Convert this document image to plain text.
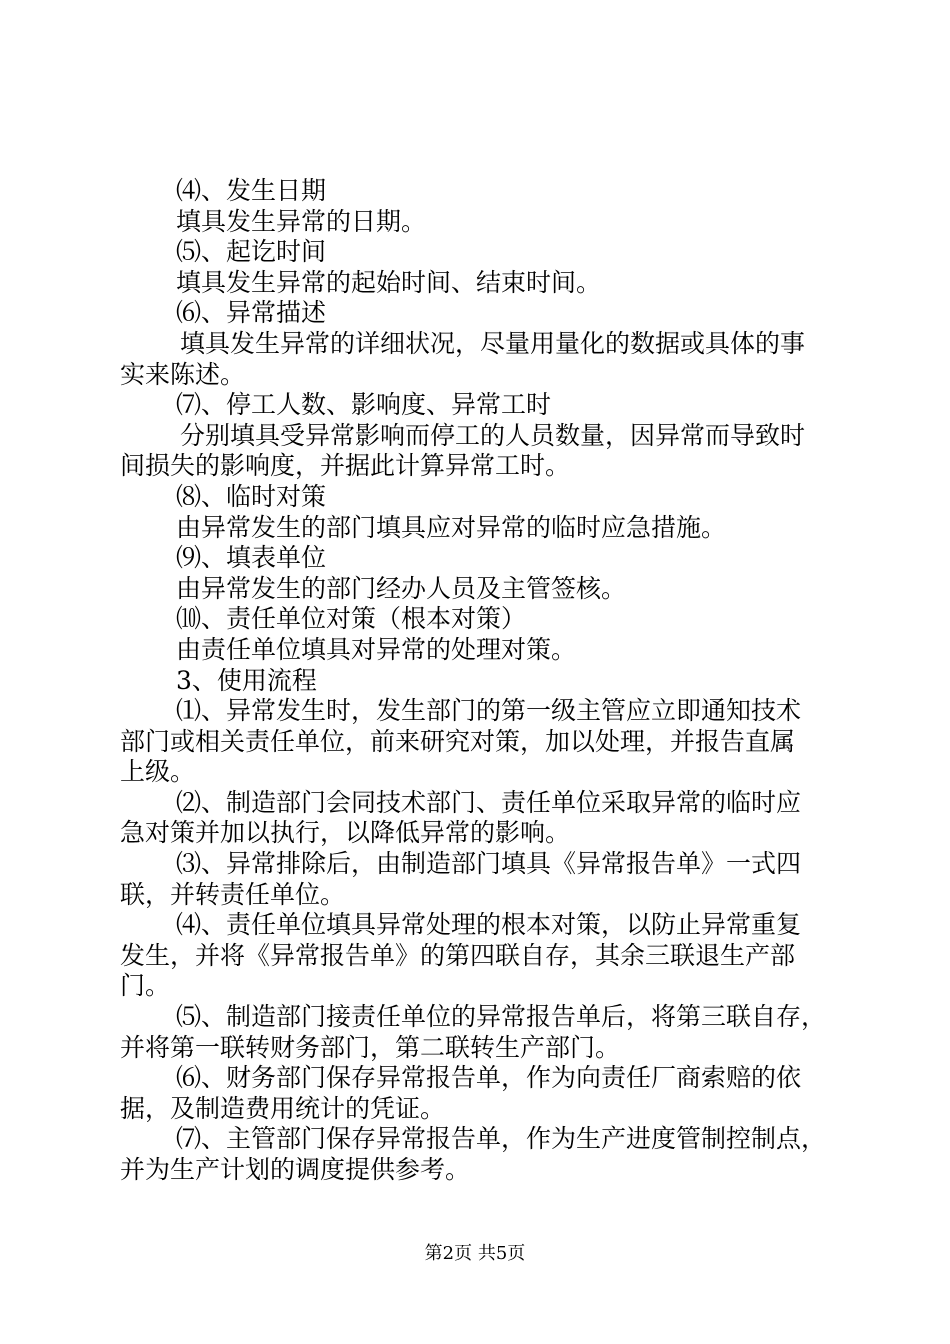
⑷、发生日期
填具发生异常的日期。
⑸、起讫时间
填具发生异常的起始时间、结束时间。
⑹、异常描述
填具发生异常的详细状况，尽量用量化的数据或具体的事
实来陈述。
⑺、停工人数、影响度、异常工时
分别填具受异常影响而停工的人员数量，因异常而导致时
间损失的影响度，并据此计算异常工时。
⑻、临时对策
由异常发生的部门填具应对异常的临时应急措施。
⑼、填表单位
由异常发生的部门经办人员及主管签核。
⑽、责任单位对策（根本对策）
由责任单位填具对异常的处理对策。
3、使用流程
⑴、异常发生时，发生部门的第一级主管应立即通知技术
部门或相关责任单位，前来研究对策，加以处理，并报告直属
上级。
⑵、制造部门会同技术部门、责任单位采取异常的临时应
急对策并加以执行，以降低异常的影响。
⑶、异常排除后，由制造部门填具《异常报告单》一式四
联，并转责任单位。
⑷、责任单位填具异常处理的根本对策，以防止异常重复
发生，并将《异常报告单》的第四联自存，其余三联退生产部
门。
⑸、制造部门接责任单位的异常报告单后，将第三联自存，
并将第一联转财务部门，第二联转生产部门。
⑹、财务部门保存异常报告单，作为向责任厂商索赔的依
据，及制造费用统计的凭证。
⑺、主管部门保存异常报告单，作为生产进度管制控制点，
并为生产计划的调度提供参考。
第2页 共5页
